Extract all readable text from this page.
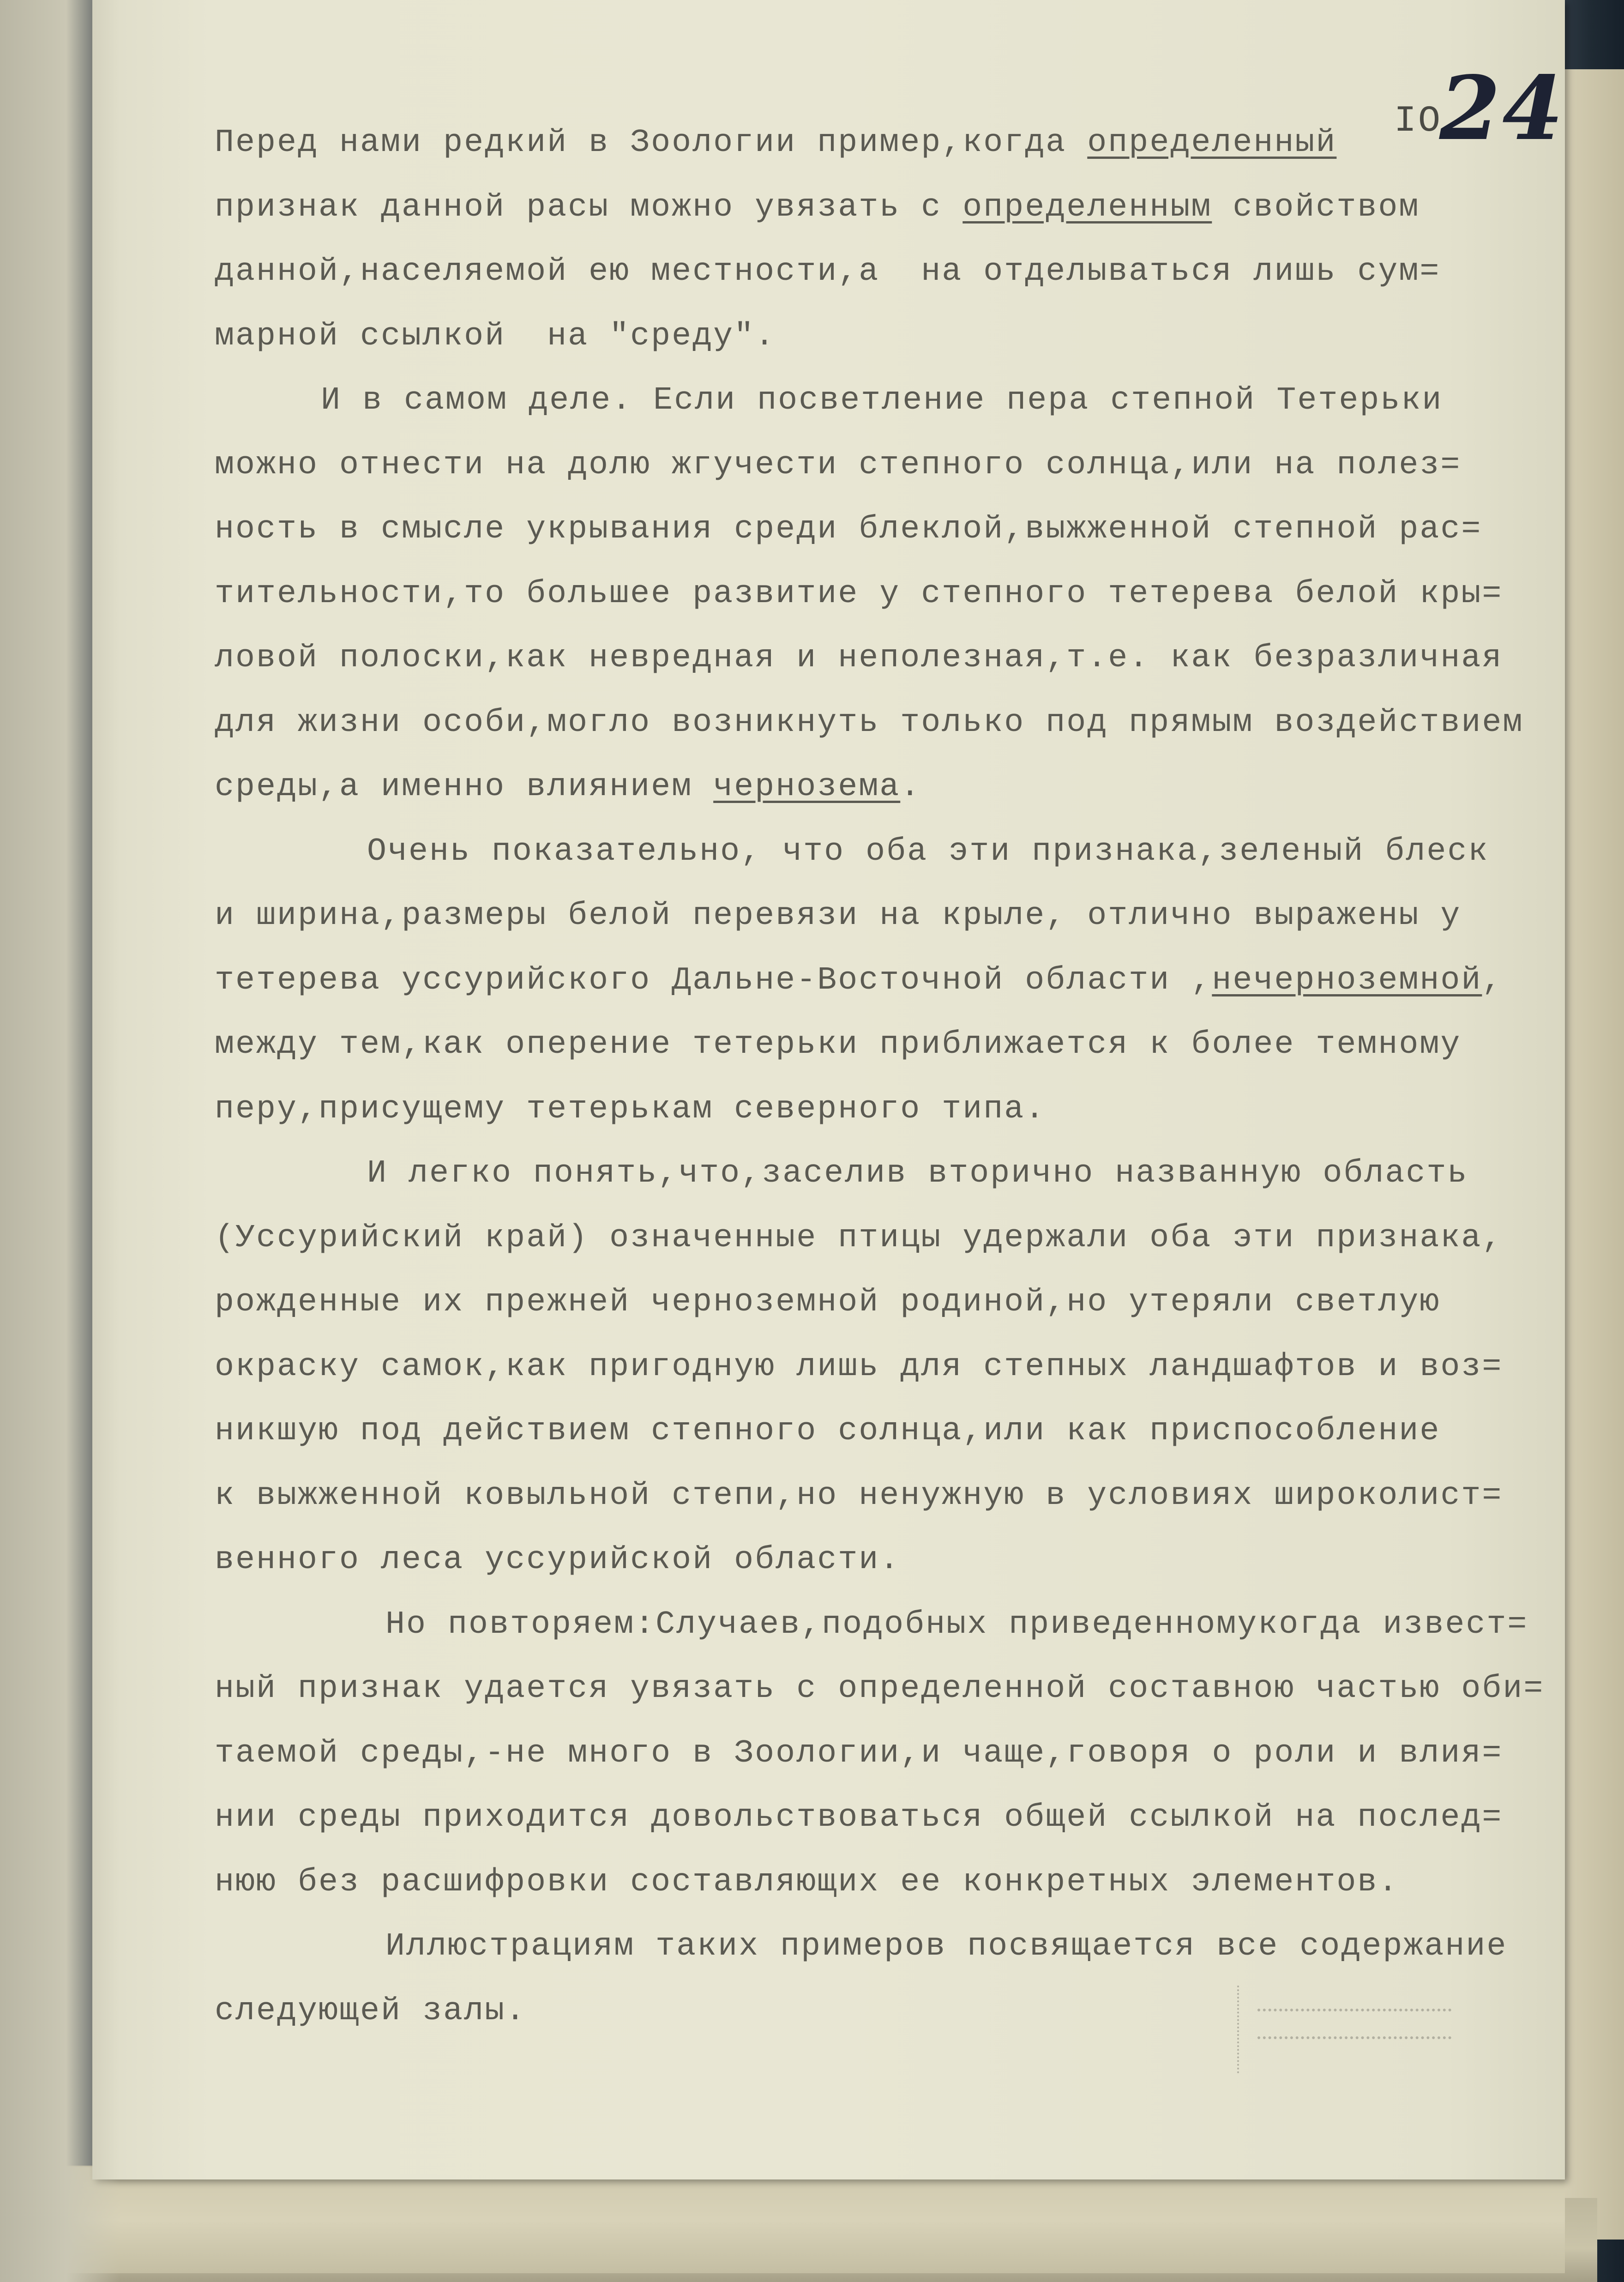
IO24
Перед нами редкий в Зоологии пример,когда определенный
признак данной расы можно увязать с определенным свойством
данной,населяемой ею местности,а  на отделываться лишь сум=
марной ссылкой  на "среду".
И в самом деле. Если посветление пера степной Тетерьки
можно отнести на долю жгучести степного солнца,или на полез=
ность в смысле укрывания среди блеклой,выжженной степной рас=
тительности,то большее развитие у степного тетерева белой кры=
ловой полоски,как невредная и неполезная,т.е. как безразличная
для жизни особи,могло возникнуть только под прямым воздействием
среды,а именно влиянием чернозема.
Очень показательно, что оба эти признака,зеленый блеск
и ширина,размеры белой перевязи на крыле, отлично выражены у
тетерева уссурийского Дальне-Восточной области ,нечерноземной,
между тем,как оперение тетерьки приближается к более темному
перу,присущему тетерькам северного типа.
И легко понять,что,заселив вторично названную область
(Уссурийский край) означенные птицы удержали оба эти признака,
рожденные их прежней черноземной родиной,но утеряли светлую
окраску самок,как пригодную лишь для степных ландшафтов и воз=
никшую под действием степного солнца,или как приспособление
к выжженной ковыльной степи,но ненужную в условиях широколист=
венного леса уссурийской области.
Но повторяем:Случаев,подобных приведенномукогда извест=
ный признак удается увязать с определенной составною частью оби=
таемой среды,-не много в Зоологии,и чаще,говоря о роли и влия=
нии среды приходится довольствоваться общей ссылкой на послед=
нюю без расшифровки составляющих ее конкретных элементов.
Иллюстрациям таких примеров посвящается все содержание
следующей залы.
